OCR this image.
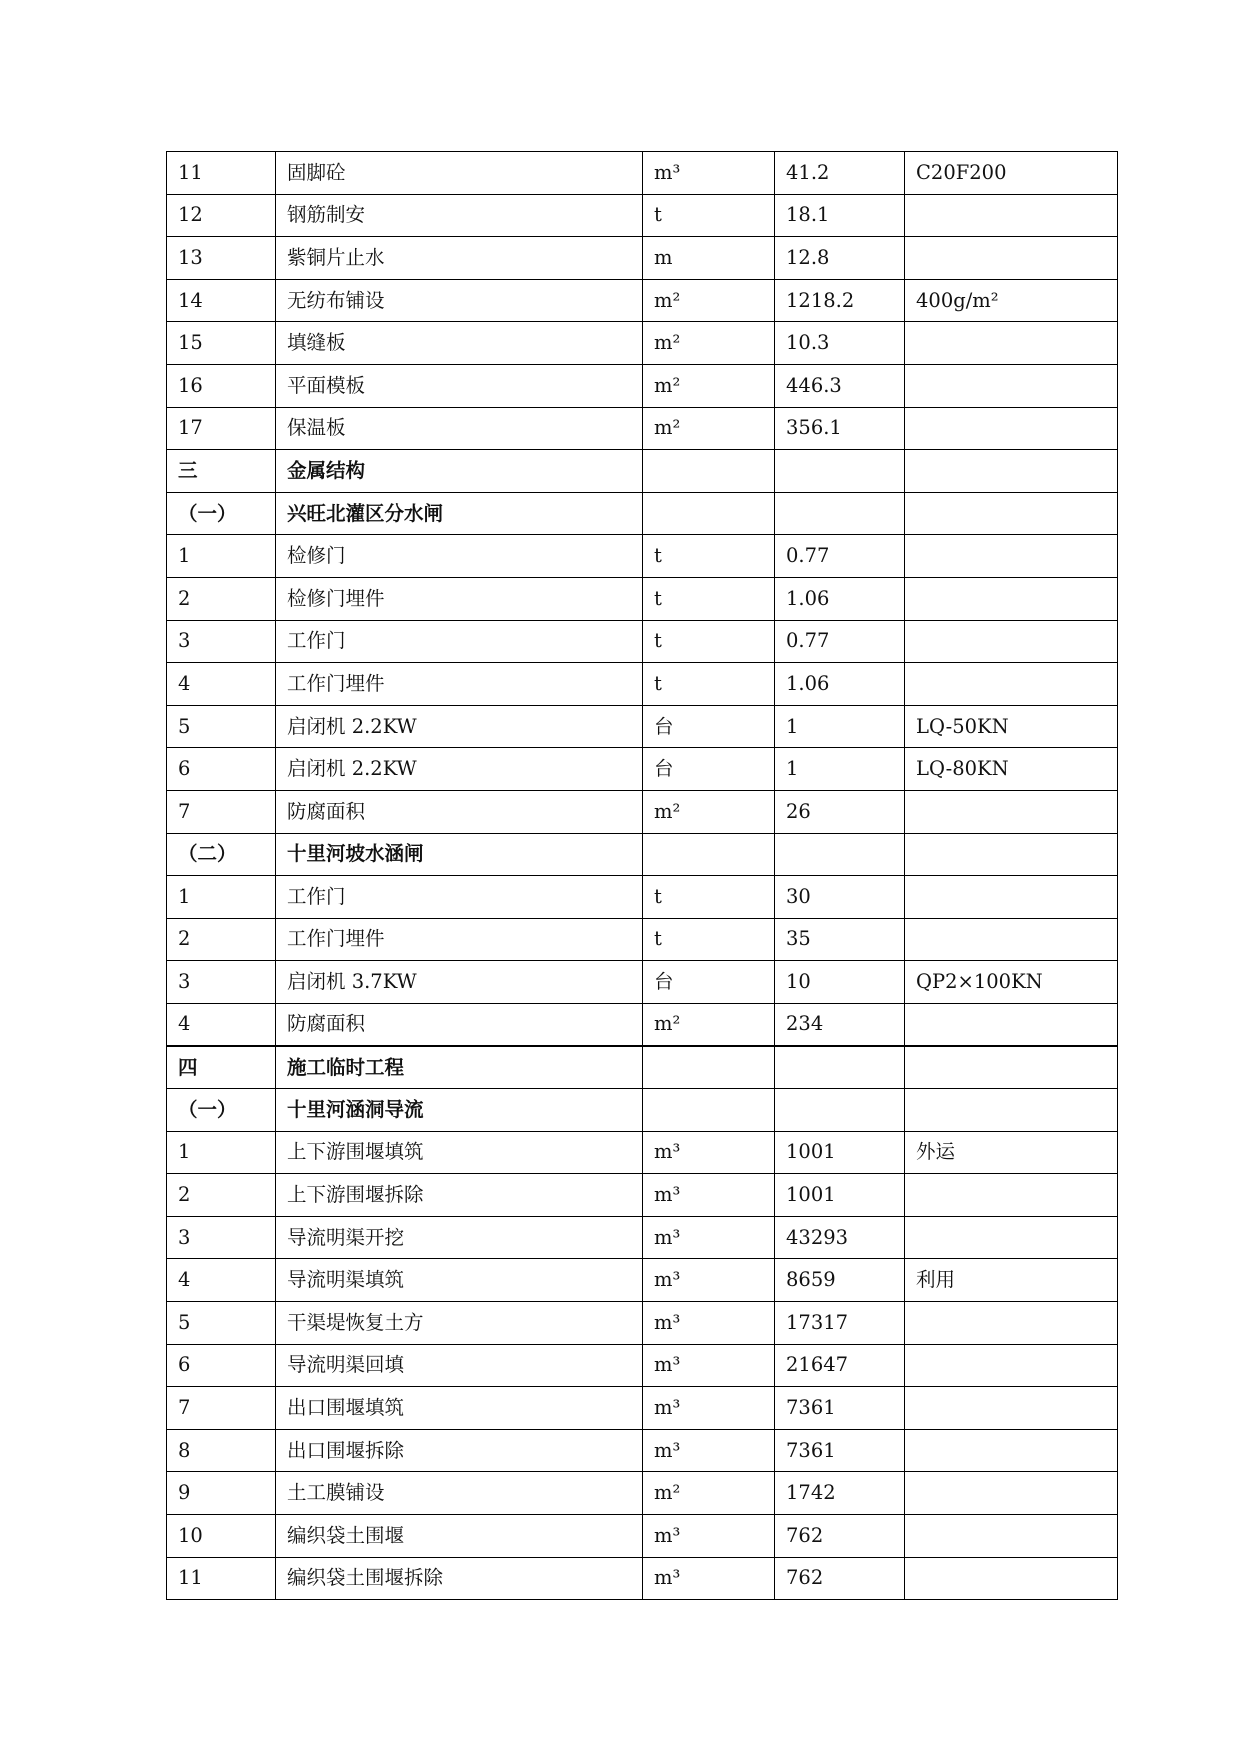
11	固脚砼	m³	41.2	C20F200
12	钢筋制安	t	18.1	
13	紫铜片止水	m	12.8	
14	无纺布铺设	m²	1218.2	400g/m²
15	填缝板	m²	10.3	
16	平面模板	m²	446.3	
17	保温板	m²	356.1	
三	金属结构			
（一）	兴旺北灌区分水闸			
1	检修门	t	0.77	
2	检修门埋件	t	1.06	
3	工作门	t	0.77	
4	工作门埋件	t	1.06	
5	启闭机 2.2KW	台	1	LQ-50KN
6	启闭机 2.2KW	台	1	LQ-80KN
7	防腐面积	m²	26	
（二）	十里河坡水涵闸			
1	工作门	t	30	
2	工作门埋件	t	35	
3	启闭机 3.7KW	台	10	QP2×100KN
4	防腐面积	m²	234	
四	施工临时工程			
（一）	十里河涵洞导流			
1	上下游围堰填筑	m³	1001	外运
2	上下游围堰拆除	m³	1001	
3	导流明渠开挖	m³	43293	
4	导流明渠填筑	m³	8659	利用
5	干渠堤恢复土方	m³	17317	
6	导流明渠回填	m³	21647	
7	出口围堰填筑	m³	7361	
8	出口围堰拆除	m³	7361	
9	土工膜铺设	m²	1742	
10	编织袋土围堰	m³	762	
11	编织袋土围堰拆除	m³	762	
